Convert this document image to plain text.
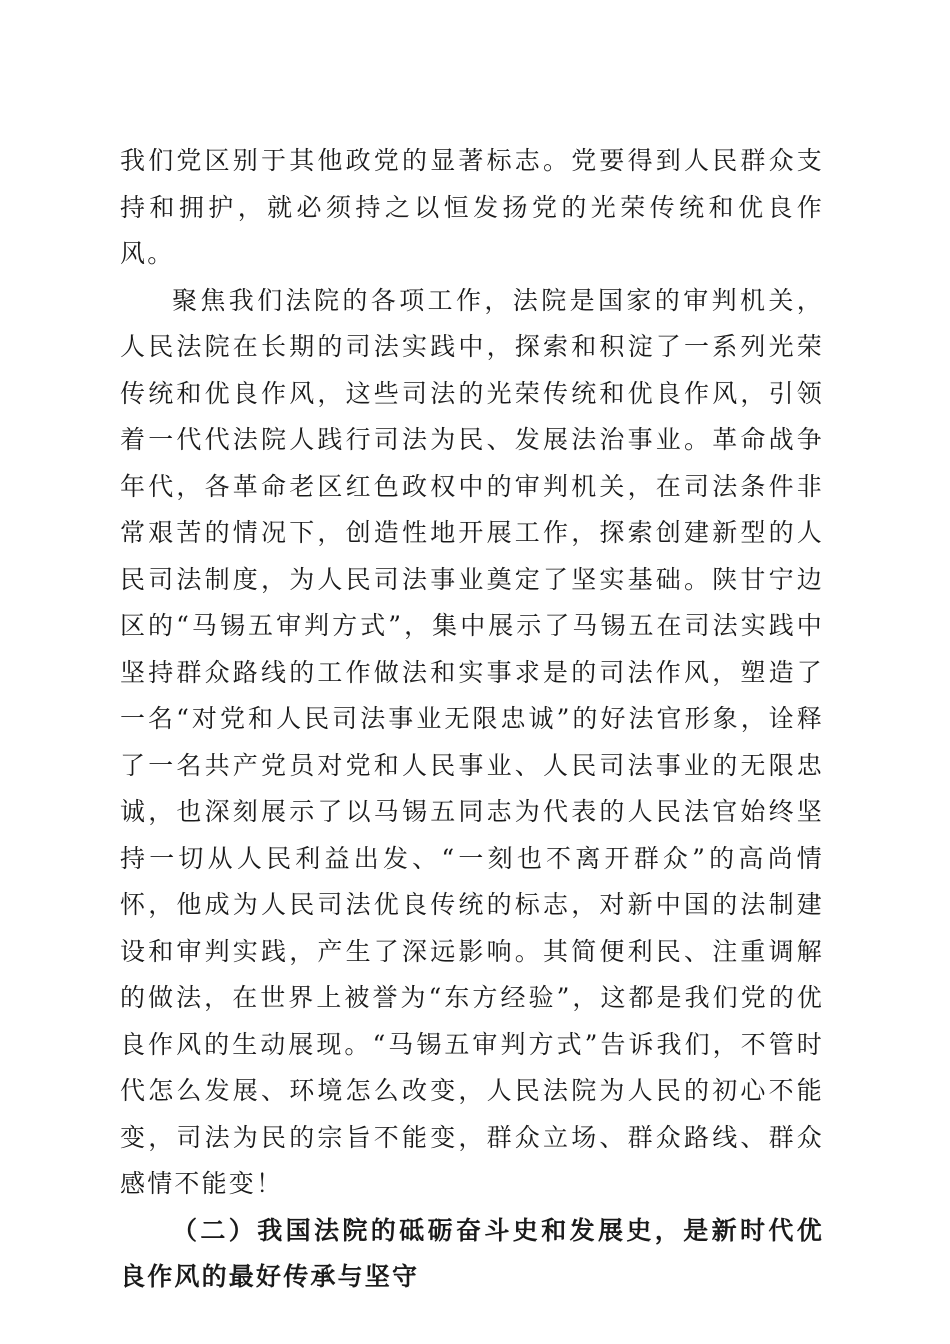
我们党区别于其他政党的显著标志。党要得到人民群众支持和拥护，就必须持之以恒发扬党的光荣传统和优良作风。

聚焦我们法院的各项工作，法院是国家的审判机关，人民法院在长期的司法实践中，探索和积淀了一系列光荣传统和优良作风，这些司法的光荣传统和优良作风，引领着一代代法院人践行司法为民、发展法治事业。革命战争年代，各革命老区红色政权中的审判机关，在司法条件非常艰苦的情况下，创造性地开展工作，探索创建新型的人民司法制度，为人民司法事业奠定了坚实基础。陕甘宁边区的“马锡五审判方式”，集中展示了马锡五在司法实践中坚持群众路线的工作做法和实事求是的司法作风，塑造了一名“对党和人民司法事业无限忠诚”的好法官形象，诠释了一名共产党员对党和人民事业、人民司法事业的无限忠诚，也深刻展示了以马锡五同志为代表的人民法官始终坚持一切从人民利益出发、“一刻也不离开群众”的高尚情怀，他成为人民司法优良传统的标志，对新中国的法制建设和审判实践，产生了深远影响。其简便利民、注重调解的做法，在世界上被誉为“东方经验”，这都是我们党的优良作风的生动展现。“马锡五审判方式”告诉我们，不管时代怎么发展、环境怎么改变，人民法院为人民的初心不能变，司法为民的宗旨不能变，群众立场、群众路线、群众感情不能变！

（二）我国法院的砥砺奋斗史和发展史，是新时代优良作风的最好传承与坚守
